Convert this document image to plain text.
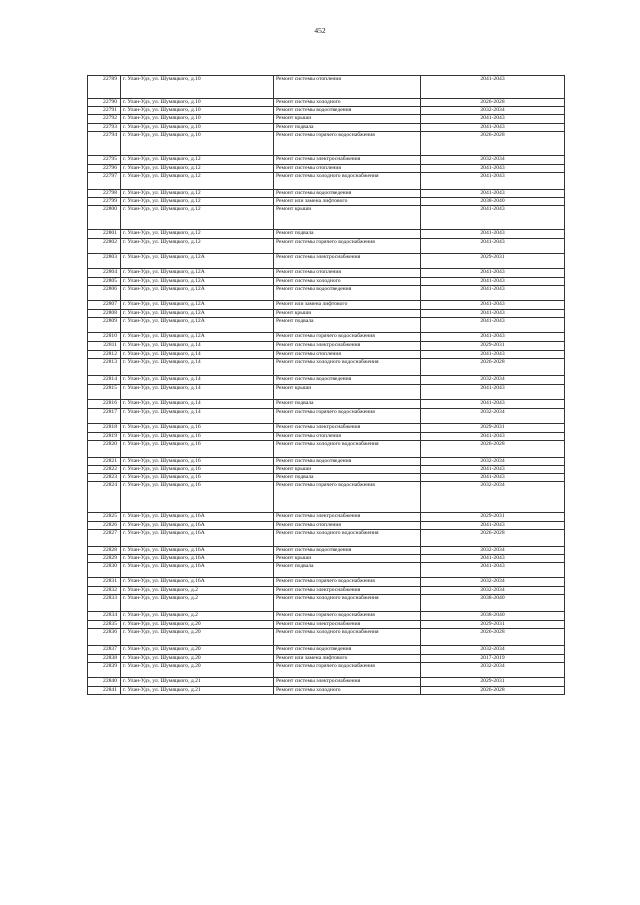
452
22789	г. Улан-Удэ, ул. Шумяцкого, д.10	Ремонт системы отопления	2041-2043
22790	г. Улан-Удэ, ул. Шумяцкого, д.10	Ремонт системы холодного	2026-2028
22791	г. Улан-Удэ, ул. Шумяцкого, д.10	Ремонт системы водоотведения	2032-2034
22792	г. Улан-Удэ, ул. Шумяцкого, д.10	Ремонт крыши	2041-2043
22793	г. Улан-Удэ, ул. Шумяцкого, д.10	Ремонт подвала	2041-2043
22794	г. Улан-Удэ, ул. Шумяцкого, д.10	Ремонт системы горячего водоснабжения	2026-2028
22795	г. Улан-Удэ, ул. Шумяцкого, д.12	Ремонт системы электроснабжения	2032-2034
22796	г. Улан-Удэ, ул. Шумяцкого, д.12	Ремонт системы отопления	2041-2043
22797	г. Улан-Удэ, ул. Шумяцкого, д.12	Ремонт системы холодного водоснабжения	2041-2043
22798	г. Улан-Удэ, ул. Шумяцкого, д.12	Ремонт системы водоотведения	2041-2043
22799	г. Улан-Удэ, ул. Шумяцкого, д.12	Ремонт или замена лифтового	2038-2040
22800	г. Улан-Удэ, ул. Шумяцкого, д.12	Ремонт крыши	2041-2043
22801	г. Улан-Удэ, ул. Шумяцкого, д.12	Ремонт подвала	2041-2043
22802	г. Улан-Удэ, ул. Шумяцкого, д.12	Ремонт системы горячего водоснабжения	2041-2043
22803	г. Улан-Удэ, ул. Шумяцкого, д.12А	Ремонт системы электроснабжения	2029-2031
22804	г. Улан-Удэ, ул. Шумяцкого, д.12А	Ремонт системы отопления	2041-2043
22805	г. Улан-Удэ, ул. Шумяцкого, д.12А	Ремонт системы холодного	2041-2043
22806	г. Улан-Удэ, ул. Шумяцкого, д.12А	Ремонт системы водоотведения	2041-2043
22807	г. Улан-Удэ, ул. Шумяцкого, д.12А	Ремонт или замена лифтового	2041-2043
22808	г. Улан-Удэ, ул. Шумяцкого, д.12А	Ремонт крыши	2041-2043
22809	г. Улан-Удэ, ул. Шумяцкого, д.12А	Ремонт подвала	2041-2043
22810	г. Улан-Удэ, ул. Шумяцкого, д.12А	Ремонт системы горячего водоснабжения	2041-2043
22811	г. Улан-Удэ, ул. Шумяцкого, д.14	Ремонт системы электроснабжения	2029-2031
22812	г. Улан-Удэ, ул. Шумяцкого, д.14	Ремонт системы отопления	2041-2043
22813	г. Улан-Удэ, ул. Шумяцкого, д.14	Ремонт системы холодного водоснабжения	2026-2028
22814	г. Улан-Удэ, ул. Шумяцкого, д.14	Ремонт системы водоотведения	2032-2034
22815	г. Улан-Удэ, ул. Шумяцкого, д.14	Ремонт крыши	2041-2043
22816	г. Улан-Удэ, ул. Шумяцкого, д.14	Ремонт подвала	2041-2043
22817	г. Улан-Удэ, ул. Шумяцкого, д.14	Ремонт системы горячего водоснабжения	2032-2034
22818	г. Улан-Удэ, ул. Шумяцкого, д.16	Ремонт системы электроснабжения	2029-2031
22819	г. Улан-Удэ, ул. Шумяцкого, д.16	Ремонт системы отопления	2041-2043
22820	г. Улан-Удэ, ул. Шумяцкого, д.16	Ремонт системы холодного водоснабжения	2026-2028
22821	г. Улан-Удэ, ул. Шумяцкого, д.16	Ремонт системы водоотведения	2032-2034
22822	г. Улан-Удэ, ул. Шумяцкого, д.16	Ремонт крыши	2041-2043
22823	г. Улан-Удэ, ул. Шумяцкого, д.16	Ремонт подвала	2041-2043
22824	г. Улан-Удэ, ул. Шумяцкого, д.16	Ремонт системы горячего водоснабжения	2032-2034
22825	г. Улан-Удэ, ул. Шумяцкого, д.16А	Ремонт системы электроснабжения	2029-2031
22826	г. Улан-Удэ, ул. Шумяцкого, д.16А	Ремонт системы отопления	2041-2043
22827	г. Улан-Удэ, ул. Шумяцкого, д.16А	Ремонт системы холодного водоснабжения	2026-2028
22828	г. Улан-Удэ, ул. Шумяцкого, д.16А	Ремонт системы водоотведения	2032-2034
22829	г. Улан-Удэ, ул. Шумяцкого, д.16А	Ремонт крыши	2041-2043
22830	г. Улан-Удэ, ул. Шумяцкого, д.16А	Ремонт подвала	2041-2043
22831	г. Улан-Удэ, ул. Шумяцкого, д.16А	Ремонт системы горячего водоснабжения	2032-2034
22832	г. Улан-Удэ, ул. Шумяцкого, д.2	Ремонт системы электроснабжения	2032-2034
22833	г. Улан-Удэ, ул. Шумяцкого, д.2	Ремонт системы холодного водоснабжения	2038-2040
22834	г. Улан-Удэ, ул. Шумяцкого, д.2	Ремонт системы горячего водоснабжения	2038-2040
22835	г. Улан-Удэ, ул. Шумяцкого, д.20	Ремонт системы электроснабжения	2029-2031
22836	г. Улан-Удэ, ул. Шумяцкого, д.20	Ремонт системы холодного водоснабжения	2026-2028
22837	г. Улан-Удэ, ул. Шумяцкого, д.20	Ремонт системы водоотведения	2032-2034
22838	г. Улан-Удэ, ул. Шумяцкого, д.20	Ремонт или замена лифтового	2017-2019
22839	г. Улан-Удэ, ул. Шумяцкого, д.20	Ремонт системы горячего водоснабжения	2032-2034
22840	г. Улан-Удэ, ул. Шумяцкого, д.21	Ремонт системы электроснабжения	2029-2031
22841	г. Улан-Удэ, ул. Шумяцкого, д.21	Ремонт системы холодного	2026-2028
